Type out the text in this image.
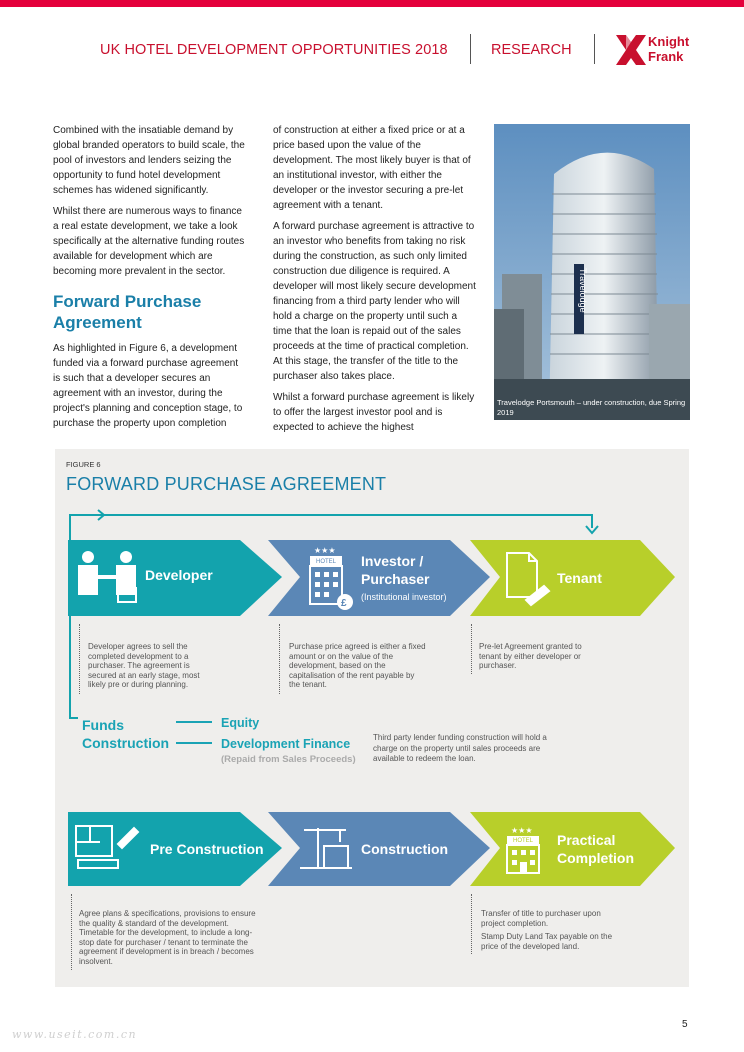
UK HOTEL DEVELOPMENT OPPORTUNITIES 2018	RESEARCH
Knight
Frank

Combined with the insatiable demand by global branded operators to build scale, the pool of investors and lenders seizing the opportunity to fund hotel development schemes has widened significantly.

Whilst there are numerous ways to finance a real estate development, we take a look specifically at the alternative funding routes available for development which are becoming more prevalent in the sector.

Forward Purchase Agreement

As highlighted in Figure 6, a development funded via a forward purchase agreement is such that a developer secures an agreement with an investor, during the project's planning and conception stage, to purchase the property upon completion

of construction at either a fixed price or at a price based upon the value of the development. The most likely buyer is that of an institutional investor, with either the developer or the investor securing a pre-let agreement with a tenant.

A forward purchase agreement is attractive to an investor who benefits from taking no risk during the construction, as such only limited construction due diligence is required. A developer will most likely secure development financing from a third party lender who will hold a charge on the property until such a time that the loan is repaid out of the sales proceeds at the time of practical completion. At this stage, the transfer of the title to the purchaser also takes place.

Whilst a forward purchase agreement is likely to offer the largest investor pool and is expected to achieve the highest

Travelodge
Travelodge Portsmouth – under construction, due Spring 2019
FIGURE 6
FORWARD PURCHASE AGREEMENT
★★★
HOTEL
£
★★★
HOTEL
Developer
Investor /
Purchaser
(Institutional investor)
Tenant
Developer agrees to sell the completed development to a purchaser. The agreement is secured at an early stage, most likely pre or during planning.
Purchase price agreed is either a fixed amount or on the value of the development, based on the capitalisation of the rent payable by the tenant.
Pre-let Agreement granted to tenant by either developer or purchaser.
Funds
Construction
Equity
Development Finance
(Repaid from Sales Proceeds)
Third party lender funding construction will hold a charge on the property until sales proceeds are available to redeem the loan.
Pre Construction	Construction
Practical
Completion
Agree plans & specifications, provisions to ensure the quality & standard of the development. Timetable for the development, to include a long-stop date for purchaser / tenant to terminate the agreement if development is in breach / becomes insolvent.
Transfer of title to purchaser upon project completion.
Stamp Duty Land Tax payable on the price of the developed land.
www.useit.com.cn
5
